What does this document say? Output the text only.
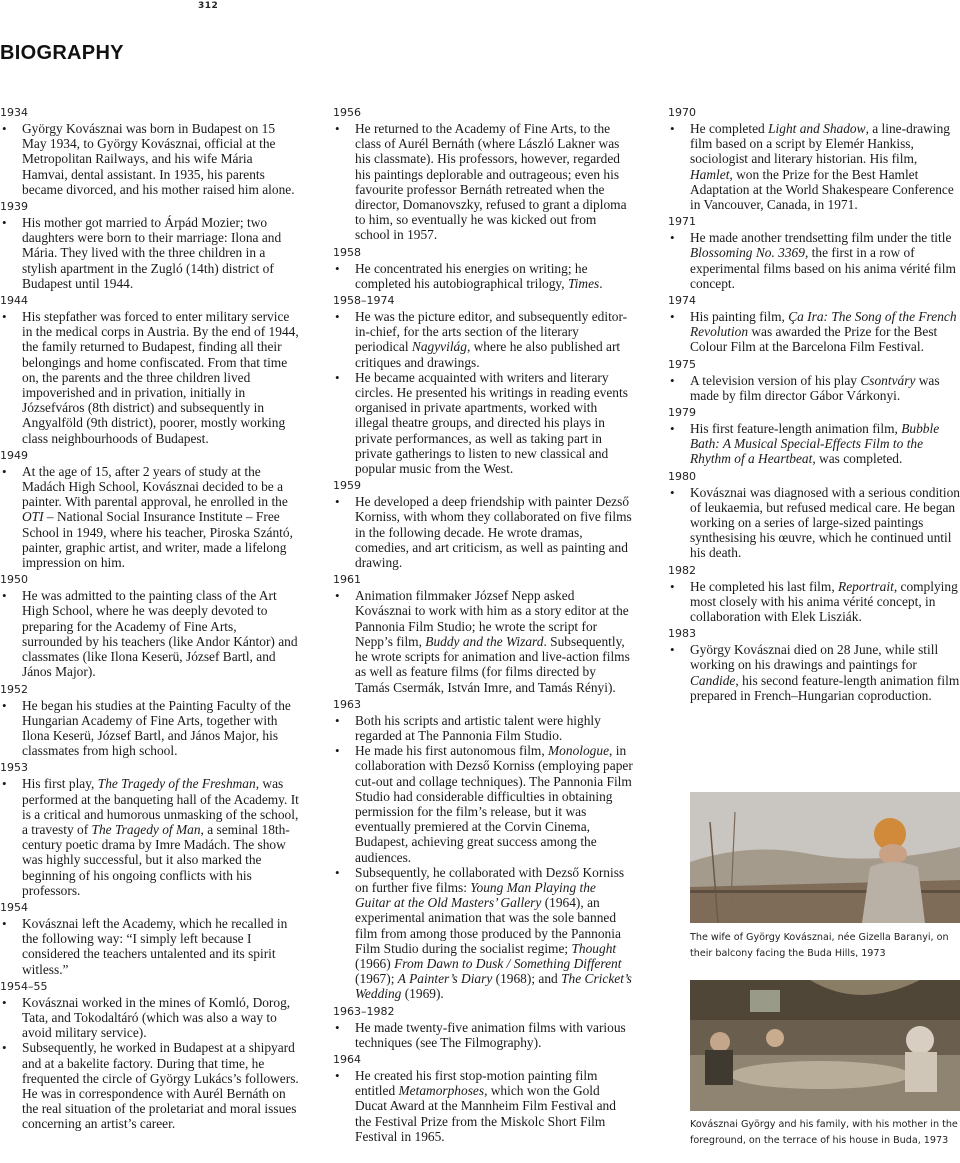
312
BIOGRAPHY
1934
• György Kovásznai was born in Budapest on 15 May 1934, to György Kovásznai, official at the Metropolitan Railways, and his wife Mária Hamvai, dental assistant. In 1935, his parents became divorced, and his mother raised him alone.
1939
• His mother got married to Árpád Mozier; two daughters were born to their marriage: Ilona and Mária. They lived with the three children in a stylish apartment in the Zugló (14th) district of Budapest until 1944.
1944
• His stepfather was forced to enter military service in the medical corps in Austria. By the end of 1944, the family returned to Budapest, finding all their belongings and home confiscated. From that time on, the parents and the three children lived impoverished and in privation, initially in Józsefváros (8th district) and subsequently in Angyalföld (9th district), poorer, mostly working class neighbourhoods of Budapest.
1949
• At the age of 15, after 2 years of study at the Madách High School, Kovásznai decided to be a painter. With parental approval, he enrolled in the OTI – National Social Insurance Institute – Free School in 1949, where his teacher, Piroska Szántó, painter, graphic artist, and writer, made a lifelong impression on him.
1950
• He was admitted to the painting class of the Art High School, where he was deeply devoted to preparing for the Academy of Fine Arts, surrounded by his teachers (like Andor Kántor) and classmates (like Ilona Keserü, József Bartl, and János Major).
1952
• He began his studies at the Painting Faculty of the Hungarian Academy of Fine Arts, together with Ilona Keserü, József Bartl, and János Major, his classmates from high school.
1953
• His first play, The Tragedy of the Freshman, was performed at the banqueting hall of the Academy. It is a critical and humorous unmasking of the school, a travesty of The Tragedy of Man, a seminal 18th-century poetic drama by Imre Madách. The show was highly successful, but it also marked the beginning of his ongoing conflicts with his professors.
1954
• Kovásznai left the Academy, which he recalled in the following way: “I simply left because I considered the teachers untalented and its spirit witless.”
1954–55
• Kovásznai worked in the mines of Komló, Dorog, Tata, and Tokodaltáró (which was also a way to avoid military service).
• Subsequently, he worked in Budapest at a shipyard and at a bakelite factory. During that time, he frequented the circle of György Lukács’s followers. He was in correspondence with Aurél Bernáth on the real situation of the proletariat and moral issues concerning an artist’s career.
1956
• He returned to the Academy of Fine Arts, to the class of Aurél Bernáth (where László Lakner was his classmate). His professors, however, regarded his paintings deplorable and outrageous; even his favourite professor Bernáth retreated when the director, Domanovszky, refused to grant a diploma to him, so eventually he was kicked out from school in 1957.
1958
• He concentrated his energies on writing; he completed his autobiographical trilogy, Times.
1958–1974
• He was the picture editor, and subsequently editor-in-chief, for the arts section of the literary periodical Nagyvilág, where he also published art critiques and drawings.
• He became acquainted with writers and literary circles. He presented his writings in reading events organised in private apartments, worked with illegal theatre groups, and directed his plays in private performances, as well as taking part in private gatherings to listen to new classical and popular music from the West.
1959
• He developed a deep friendship with painter Dezső Korniss, with whom they collaborated on five films in the following decade. He wrote dramas, comedies, and art criticism, as well as painting and drawing.
1961
• Animation filmmaker József Nepp asked Kovásznai to work with him as a story editor at the Pannonia Film Studio; he wrote the script for Nepp’s film, Buddy and the Wizard. Subsequently, he wrote scripts for animation and live-action films as well as feature films (for films directed by Tamás Csermák, István Imre, and Tamás Rényi).
1963
• Both his scripts and artistic talent were highly regarded at The Pannonia Film Studio.
• He made his first autonomous film, Monologue, in collaboration with Dezső Korniss (employing paper cut-out and collage techniques). The Pannonia Film Studio had considerable difficulties in obtaining permission for the film’s release, but it was eventually premiered at the Corvin Cinema, Budapest, achieving great success among the audiences.
• Subsequently, he collaborated with Dezső Korniss on further five films: Young Man Playing the Guitar at the Old Masters’ Gallery (1964), an experimental animation that was the sole banned film from among those produced by the Pannonia Film Studio during the socialist regime; Thought (1966) From Dawn to Dusk / Something Different (1967); A Painter’s Diary (1968); and The Cricket’s Wedding (1969).
1963–1982
• He made twenty-five animation films with various techniques (see The Filmography).
1964
• He created his first stop-motion painting film entitled Metamorphoses, which won the Gold Ducat Award at the Mannheim Film Festival and the Festival Prize from the Miskolc Short Film Festival in 1965.
1970
• He completed Light and Shadow, a line-drawing film based on a script by Elemér Hankiss, sociologist and literary historian. His film, Hamlet, won the Prize for the Best Hamlet Adaptation at the World Shakespeare Conference in Vancouver, Canada, in 1971.
1971
• He made another trendsetting film under the title Blossoming No. 3369, the first in a row of experimental films based on his anima vérité film concept.
1974
• His painting film, Ça Ira: The Song of the French Revolution was awarded the Prize for the Best Colour Film at the Barcelona Film Festival.
1975
• A television version of his play Csontváry was made by film director Gábor Várkonyi.
1979
• His first feature-length animation film, Bubble Bath: A Musical Special-Effects Film to the Rhythm of a Heartbeat, was completed.
1980
• Kovásznai was diagnosed with a serious condition of leukaemia, but refused medical care. He began working on a series of large-sized paintings synthesising his œuvre, which he continued until his death.
1982
• He completed his last film, Reportrait, complying most closely with his anima vérité concept, in collaboration with Elek Lisziák.
1983
• György Kovásznai died on 28 June, while still working on his drawings and paintings for Candide, his second feature-length animation film prepared in French–Hungarian coproduction.
The wife of György Kovásznai, née Gizella Baranyi, on their balcony facing the Buda Hills, 1973
Kovásznai György and his family, with his mother in the foreground, on the terrace of his house in Buda, 1973
